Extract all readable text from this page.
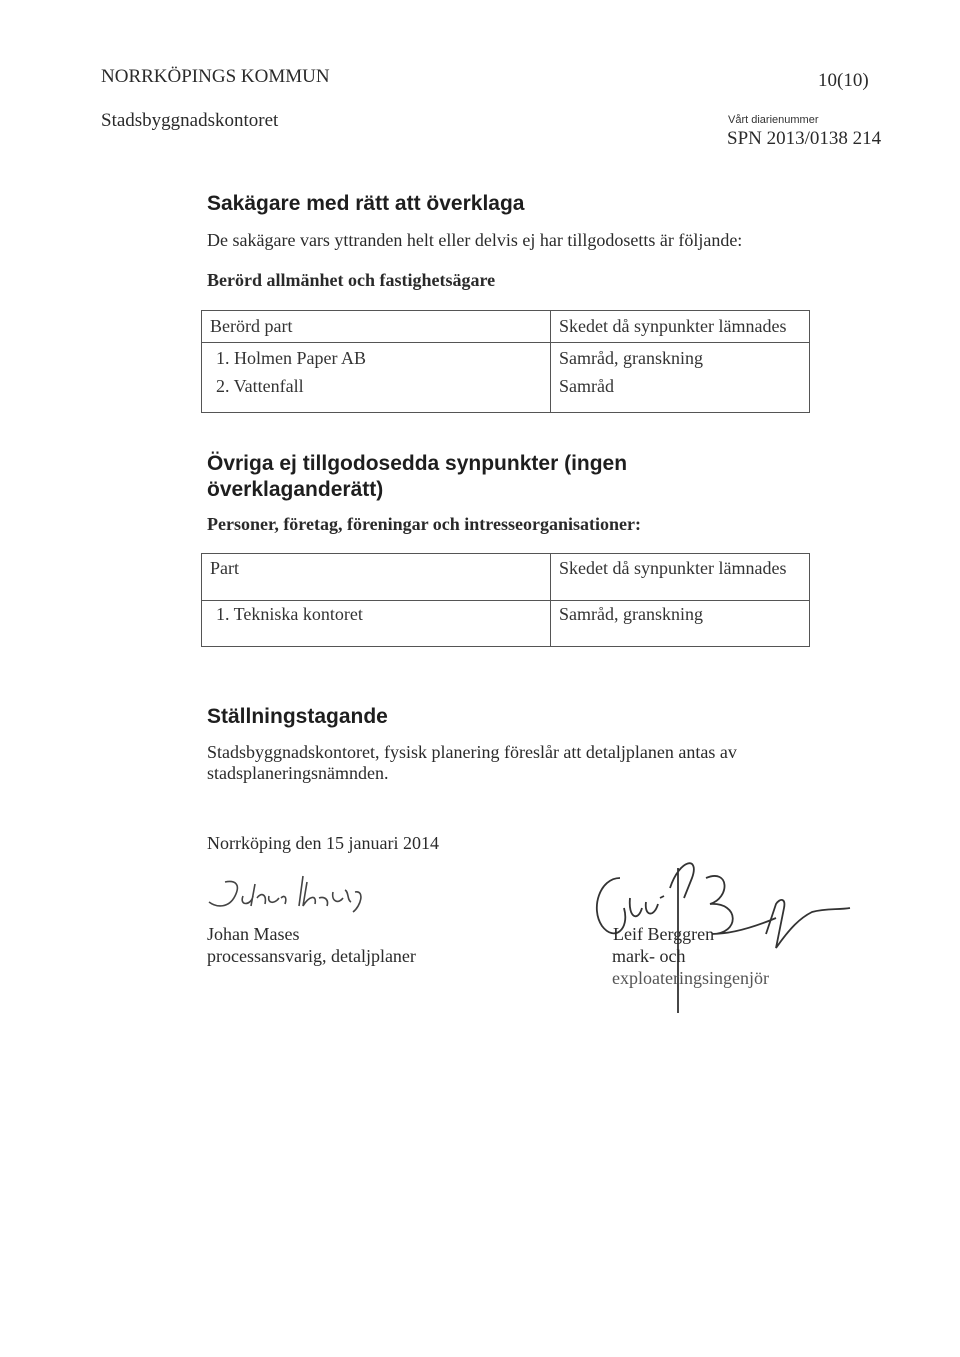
NORRKÖPINGS KOMMUN	10(10)
Stadsbyggnadskontoret	Vårt diarienummer
SPN 2013/0138 214
Sakägare med rätt att överklaga
De sakägare vars yttranden helt eller delvis ej har tillgodosetts är följande:
Berörd allmänhet och fastighetsägare
Berörd part	Skedet då synpunkter lämnades
1. Holmen Paper AB	Samråd, granskning
2. Vattenfall	Samråd
Övriga ej tillgodosedda synpunkter (ingen
överklaganderätt)
Personer, företag, föreningar och intresseorganisationer:
Part	Skedet då synpunkter lämnades
1. Tekniska kontoret	Samråd, granskning
Ställningstagande
Stadsbyggnadskontoret, fysisk planering föreslår att detaljplanen antas av
stadsplaneringsnämnden.
Norrköping den 15 januari 2014
Johan Mases
processansvarig, detaljplaner
Leif Berggren
mark- och
exploateringsingenjör
